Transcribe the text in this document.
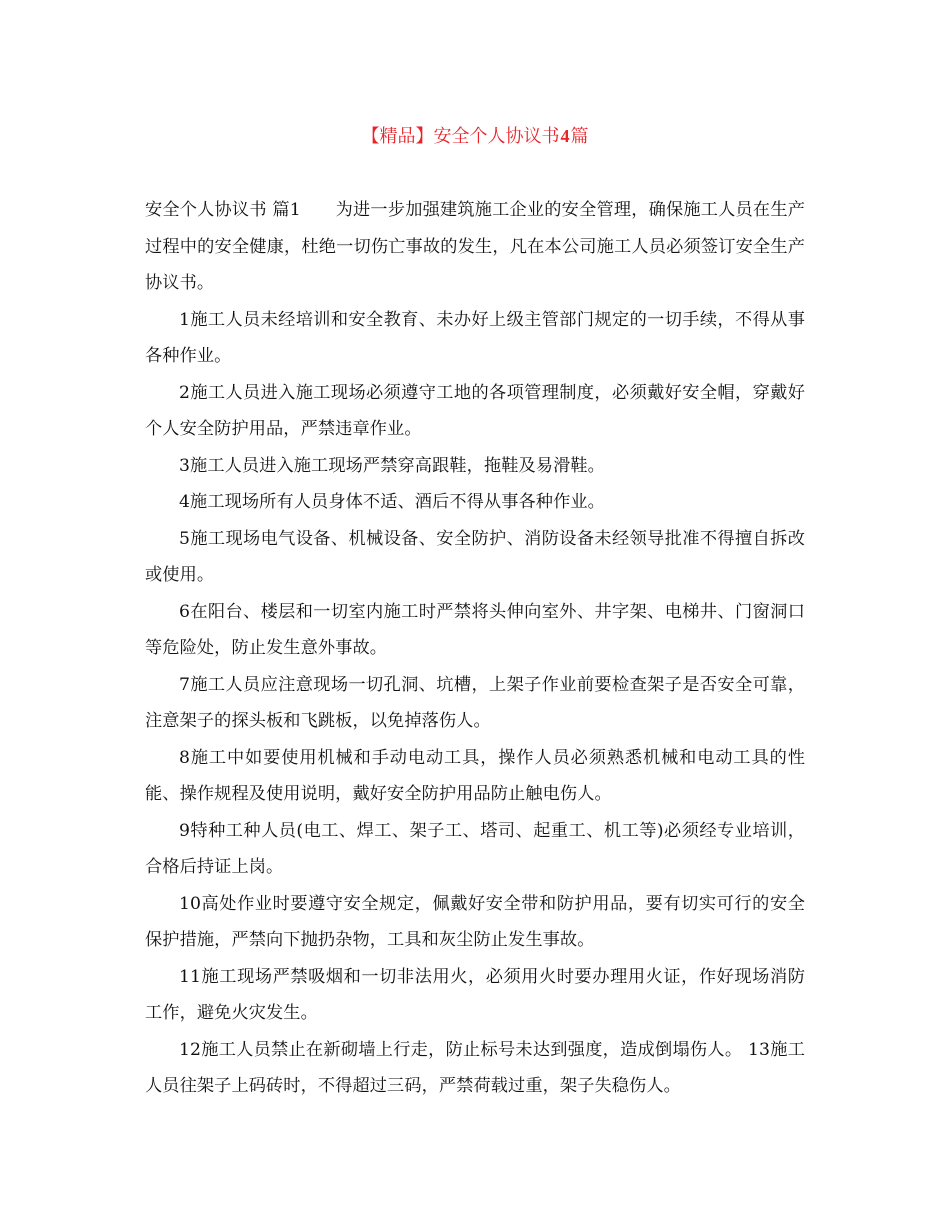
【精品】安全个人协议书4篇

安全个人协议书 篇1　　为进一步加强建筑施工企业的安全管理，确保施工人员在生产过程中的安全健康，杜绝一切伤亡事故的发生，凡在本公司施工人员必须签订安全生产协议书。

1施工人员未经培训和安全教育、未办好上级主管部门规定的一切手续，不得从事各种作业。

2施工人员进入施工现场必须遵守工地的各项管理制度，必须戴好安全帽，穿戴好个人安全防护用品，严禁违章作业。

3施工人员进入施工现场严禁穿高跟鞋，拖鞋及易滑鞋。

4施工现场所有人员身体不适、酒后不得从事各种作业。

5施工现场电气设备、机械设备、安全防护、消防设备未经领导批准不得擅自拆改或使用。

6在阳台、楼层和一切室内施工时严禁将头伸向室外、井字架、电梯井、门窗洞口等危险处，防止发生意外事故。

7施工人员应注意现场一切孔洞、坑槽，上架子作业前要检查架子是否安全可靠，注意架子的探头板和飞跳板，以免掉落伤人。

8施工中如要使用机械和手动电动工具，操作人员必须熟悉机械和电动工具的性能、操作规程及使用说明，戴好安全防护用品防止触电伤人。

9特种工种人员(电工、焊工、架子工、塔司、起重工、机工等)必须经专业培训，合格后持证上岗。

10高处作业时要遵守安全规定，佩戴好安全带和防护用品，要有切实可行的安全保护措施，严禁向下抛扔杂物，工具和灰尘防止发生事故。

11施工现场严禁吸烟和一切非法用火，必须用火时要办理用火证，作好现场消防工作，避免火灾发生。

12施工人员禁止在新砌墙上行走，防止标号未达到强度，造成倒塌伤人。 13施工人员往架子上码砖时，不得超过三码，严禁荷载过重，架子失稳伤人。
